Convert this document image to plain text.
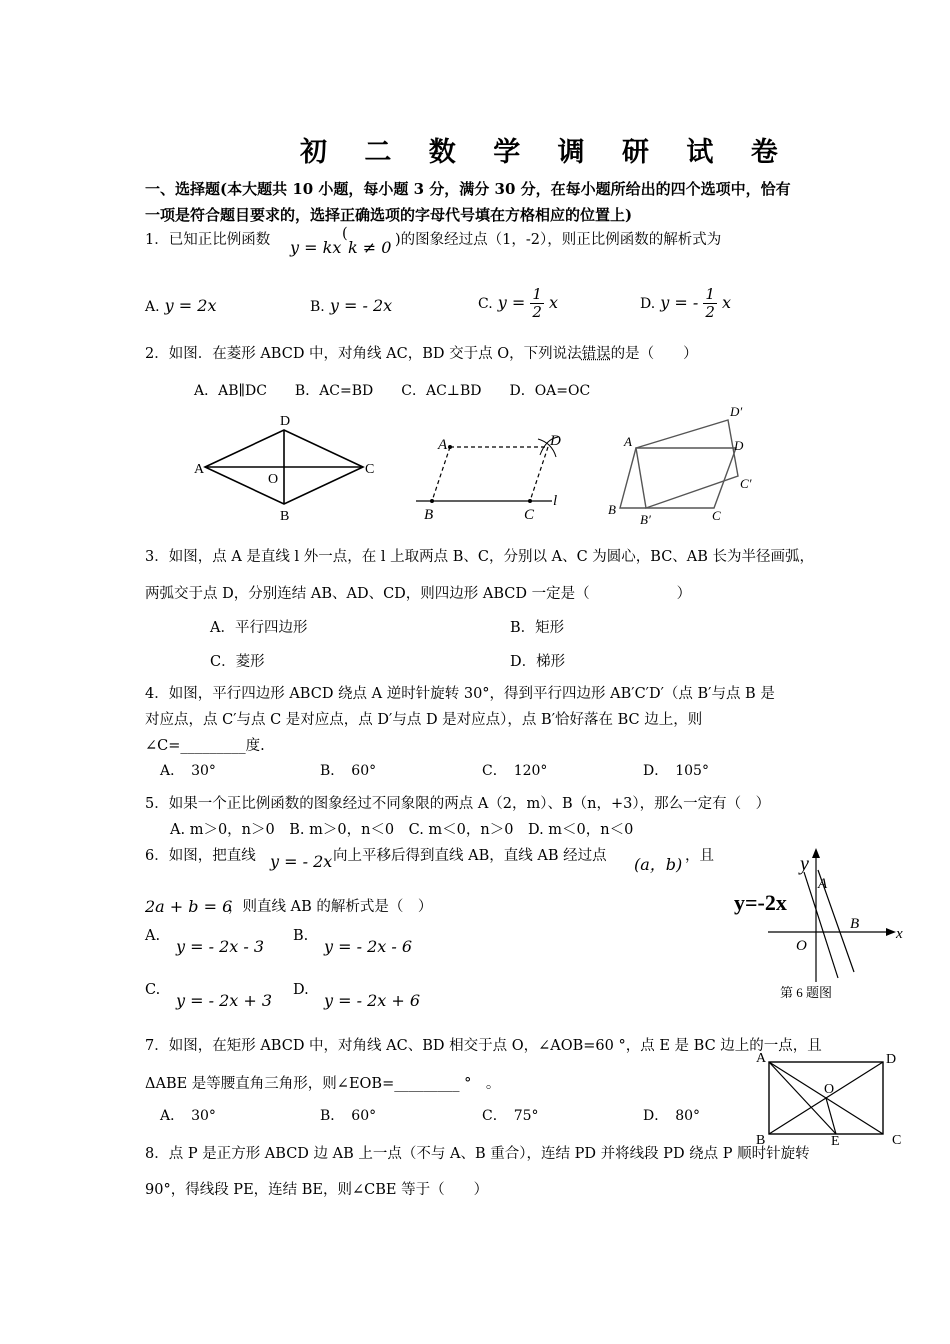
初 二 数 学 调 研 试 卷
一、选择题(本大题共 10 小题，每小题 3 分，满分 30 分，在每小题所给出的四个选项中，恰有
一项是符合题目要求的，选择正确选项的字母代号填在方格相应的位置上)
1．已知正比例函数 y = kx
(
k ≠ 0 )的图象经过点（1，-2），则正比例函数的解析式为
A. y = 2x	B. y = - 2x	C. $y = \frac{1}{2}$ x	D. y = - $\frac{1}{2}$ x
2．如图．在菱形 ABCD 中，对角线 AC，BD 交于点 O，下列说法错误的是（　　）
A．AB∥DC　　B．AC=BD　　C．AC⊥BD　　D．OA=OC
A
D
C
B
O
A	D
B	C
l
A	D
D′
C′
B
B′	C
3．如图，点 A 是直线 l 外一点，在 l 上取两点 B、C，分别以 A、C 为圆心，BC、AB 长为半径画弧，
两弧交于点 D，分别连结 AB、AD、CD，则四边形 ABCD 一定是（　　　　　　）
A．平行四边形	B．矩形
C．菱形	D．梯形
4．如图，平行四边形 ABCD 绕点 A 逆时针旋转 30°，得到平行四边形 AB′C′D′（点 B′与点 B 是
对应点，点 C′与点 C 是对应点，点 D′与点 D 是对应点），点 B′恰好落在 BC 边上，则
∠C=_________度.
A．　30°	B．　60°	C．　120°	D．　105°
5．如果一个正比例函数的图象经过不同象限的两点 A（2，m）、B（n，+3），那么一定有（　）
A. m＞0，n＞0　B. m＞0，n＜0　C. m＜0，n＞0　D. m＜0，n＜0
6．如图，把直线 y = - 2x 向上平移后得到直线 AB，直线 AB 经过点 (a，b) ，且
2a + b = 6
，则直线 AB 的解析式是（　）
A.
y = - 2x - 3
B.
y = - 2x - 6
C.
y = - 2x + 3
D.
y = - 2x + 6
y
x
A
B
O
y=-2x
第 6 题图
7．如图，在矩形 ABCD 中，对角线 AC、BD 相交于点 O，∠AOB=60 °，点 E 是 BC 边上的一点，且
ΔABE 是等腰直角三角形，则∠EOB=_________ °　。
A．　30°	B．　60°	C．　75°	D．　80°
A	D
B	C
O
E
8．点 P 是正方形 ABCD 边 AB 上一点（不与 A、B 重合），连结 PD 并将线段 PD 绕点 P 顺时针旋转
90°，得线段 PE，连结 BE，则∠CBE 等于（　　）
